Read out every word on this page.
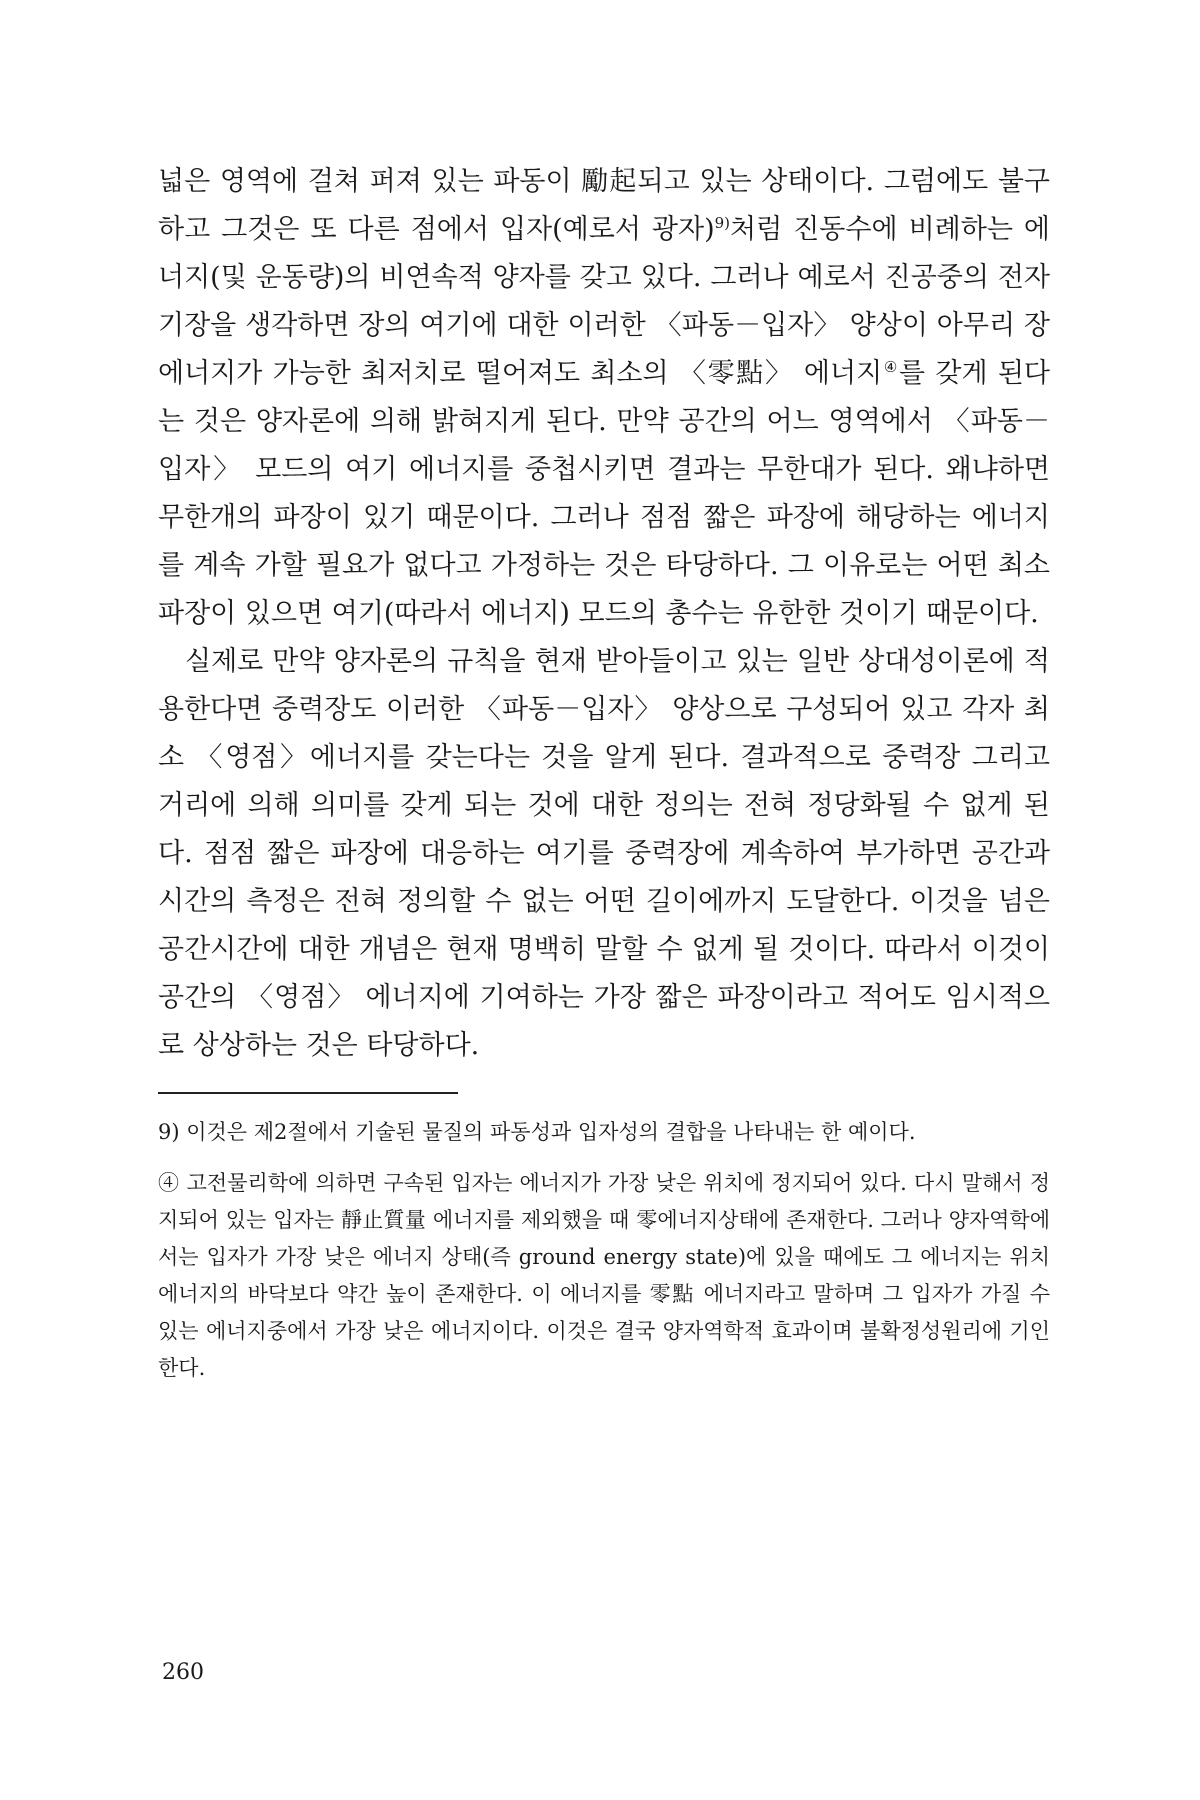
넓은 영역에 걸쳐 퍼져 있는 파동이 勵起되고 있는 상태이다. 그럼에도 불구하고 그것은 또 다른 점에서 입자(예로서 광자)$^{9)}$처럼 진동수에 비례하는 에너지(및 운동량)의 비연속적 양자를 갖고 있다. 그러나 예로서 진공중의 전자기장을 생각하면 장의 여기에 대한 이러한 〈파동－입자〉 양상이 아무리 장 에너지가 가능한 최저치로 떨어져도 최소의 〈零點〉 에너지④를 갖게 된다는 것은 양자론에 의해 밝혀지게 된다. 만약 공간의 어느 영역에서 〈파동－입자〉 모드의 여기 에너지를 중첩시키면 결과는 무한대가 된다. 왜냐하면 무한개의 파장이 있기 때문이다. 그러나 점점 짧은 파장에 해당하는 에너지를 계속 가할 필요가 없다고 가정하는 것은 타당하다. 그 이유로는 어떤 최소 파장이 있으면 여기(따라서 에너지) 모드의 총수는 유한한 것이기 때문이다.

실제로 만약 양자론의 규칙을 현재 받아들이고 있는 일반 상대성이론에 적용한다면 중력장도 이러한 〈파동－입자〉 양상으로 구성되어 있고 각자 최소 〈영점〉에너지를 갖는다는 것을 알게 된다. 결과적으로 중력장 그리고 거리에 의해 의미를 갖게 되는 것에 대한 정의는 전혀 정당화될 수 없게 된다. 점점 짧은 파장에 대응하는 여기를 중력장에 계속하여 부가하면 공간과 시간의 측정은 전혀 정의할 수 없는 어떤 길이에까지 도달한다. 이것을 넘은 공간시간에 대한 개념은 현재 명백히 말할 수 없게 될 것이다. 따라서 이것이 공간의 〈영점〉 에너지에 기여하는 가장 짧은 파장이라고 적어도 임시적으로 상상하는 것은 타당하다.

9) 이것은 제2절에서 기술된 물질의 파동성과 입자성의 결합을 나타내는 한 예이다.

④ 고전물리학에 의하면 구속된 입자는 에너지가 가장 낮은 위치에 정지되어 있다. 다시 말해서 정지되어 있는 입자는 靜止質量 에너지를 제외했을 때 零에너지상태에 존재한다. 그러나 양자역학에서는 입자가 가장 낮은 에너지 상태(즉 ground energy state)에 있을 때에도 그 에너지는 위치 에너지의 바닥보다 약간 높이 존재한다. 이 에너지를 零點 에너지라고 말하며 그 입자가 가질 수 있는 에너지중에서 가장 낮은 에너지이다. 이것은 결국 양자역학적 효과이며 불확정성원리에 기인한다.

260
